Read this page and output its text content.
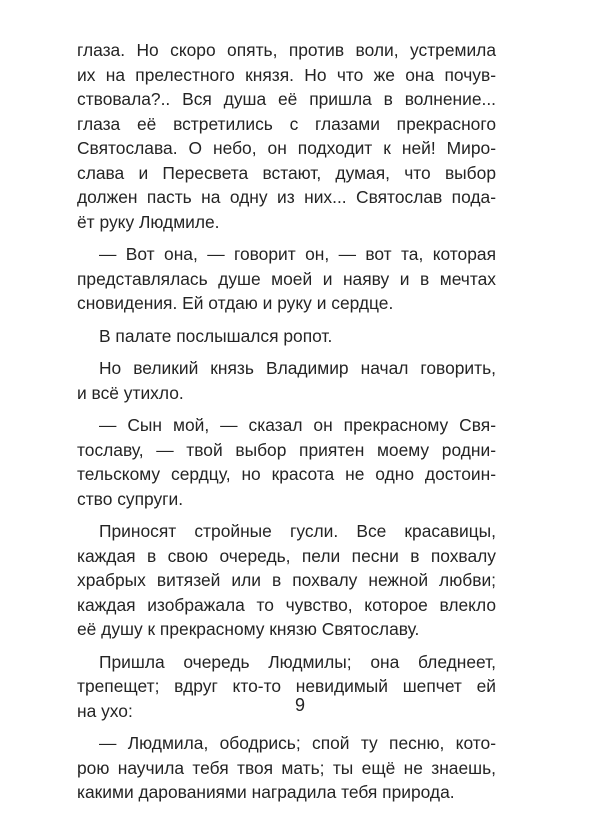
глаза. Но скоро опять, против воли, устремила
их на прелестного князя. Но что же она почув-
ствовала?.. Вся душа её пришла в волнение...
глаза её встретились с глазами прекрасного
Святослава. О небо, он подходит к ней! Миро-
слава и Пересвета встают, думая, что выбор
должен пасть на одну из них... Святослав пода-
ёт руку Людмиле.
— Вот она, — говорит он, — вот та, которая
представлялась душе моей и наяву и в мечтах
сновидения. Ей отдаю и руку и сердце.
В палате послышался ропот.
Но великий князь Владимир начал говорить,
и всё утихло.
— Сын мой, — сказал он прекрасному Свя-
тославу, — твой выбор приятен моему родни-
тельскому сердцу, но красота не одно достоин-
ство супруги.
Приносят стройные гусли. Все красавицы,
каждая в свою очередь, пели песни в похвалу
храбрых витязей или в похвалу нежной любви;
каждая изображала то чувство, которое влекло
её душу к прекрасному князю Святославу.
Пришла очередь Людмилы; она бледнеет,
трепещет; вдруг кто-то невидимый шепчет ей
на ухо:
— Людмила, ободрись; спой ту песню, кото-
рою научила тебя твоя мать; ты ещё не знаешь,
какими дарованиями наградила тебя природа.
9
